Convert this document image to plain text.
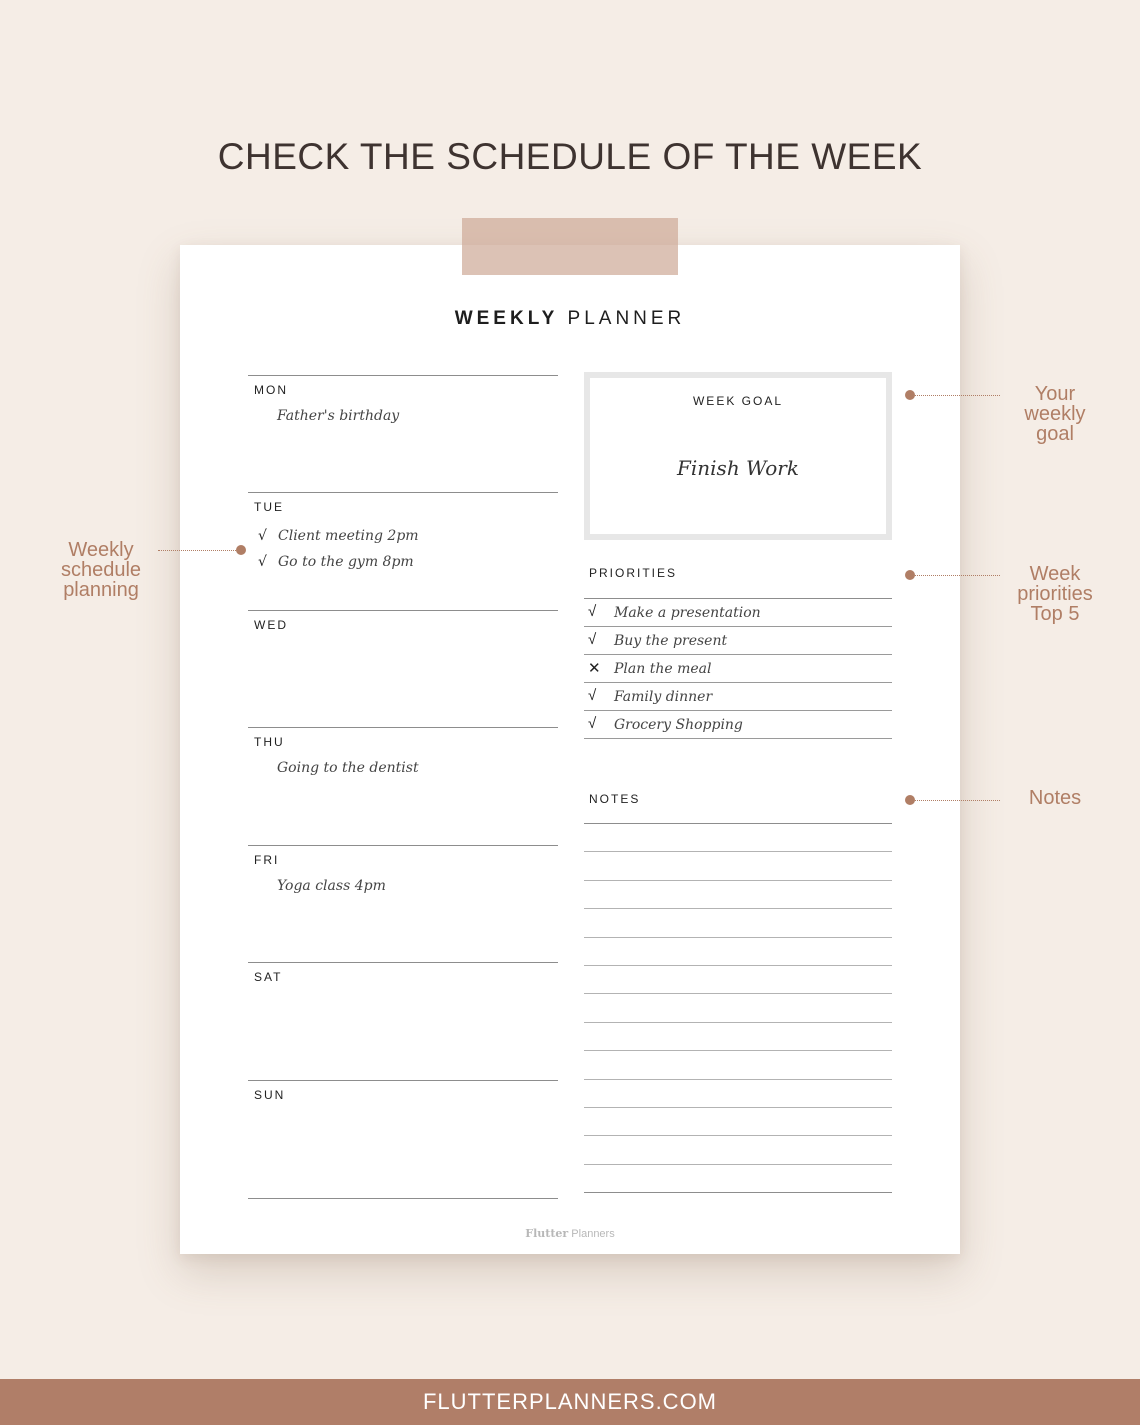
CHECK THE SCHEDULE OF THE WEEK
WEEKLY PLANNER
MON
Father's birthday
TUE
√ Client meeting 2pm
√ Go to the gym 8pm
WED
THU
Going to the dentist
FRI
Yoga class 4pm
SAT
SUN
WEEK GOAL
Finish Work
PRIORITIES
√	Make a presentation
√	Buy the present
✕ Plan the meal
√	Family dinner
√	Grocery Shopping
NOTES
Flutter Planners
Your
weekly
goal
Weekly
schedule
planning
Week
priorities
Top 5
Notes
FLUTTERPLANNERS.COM
